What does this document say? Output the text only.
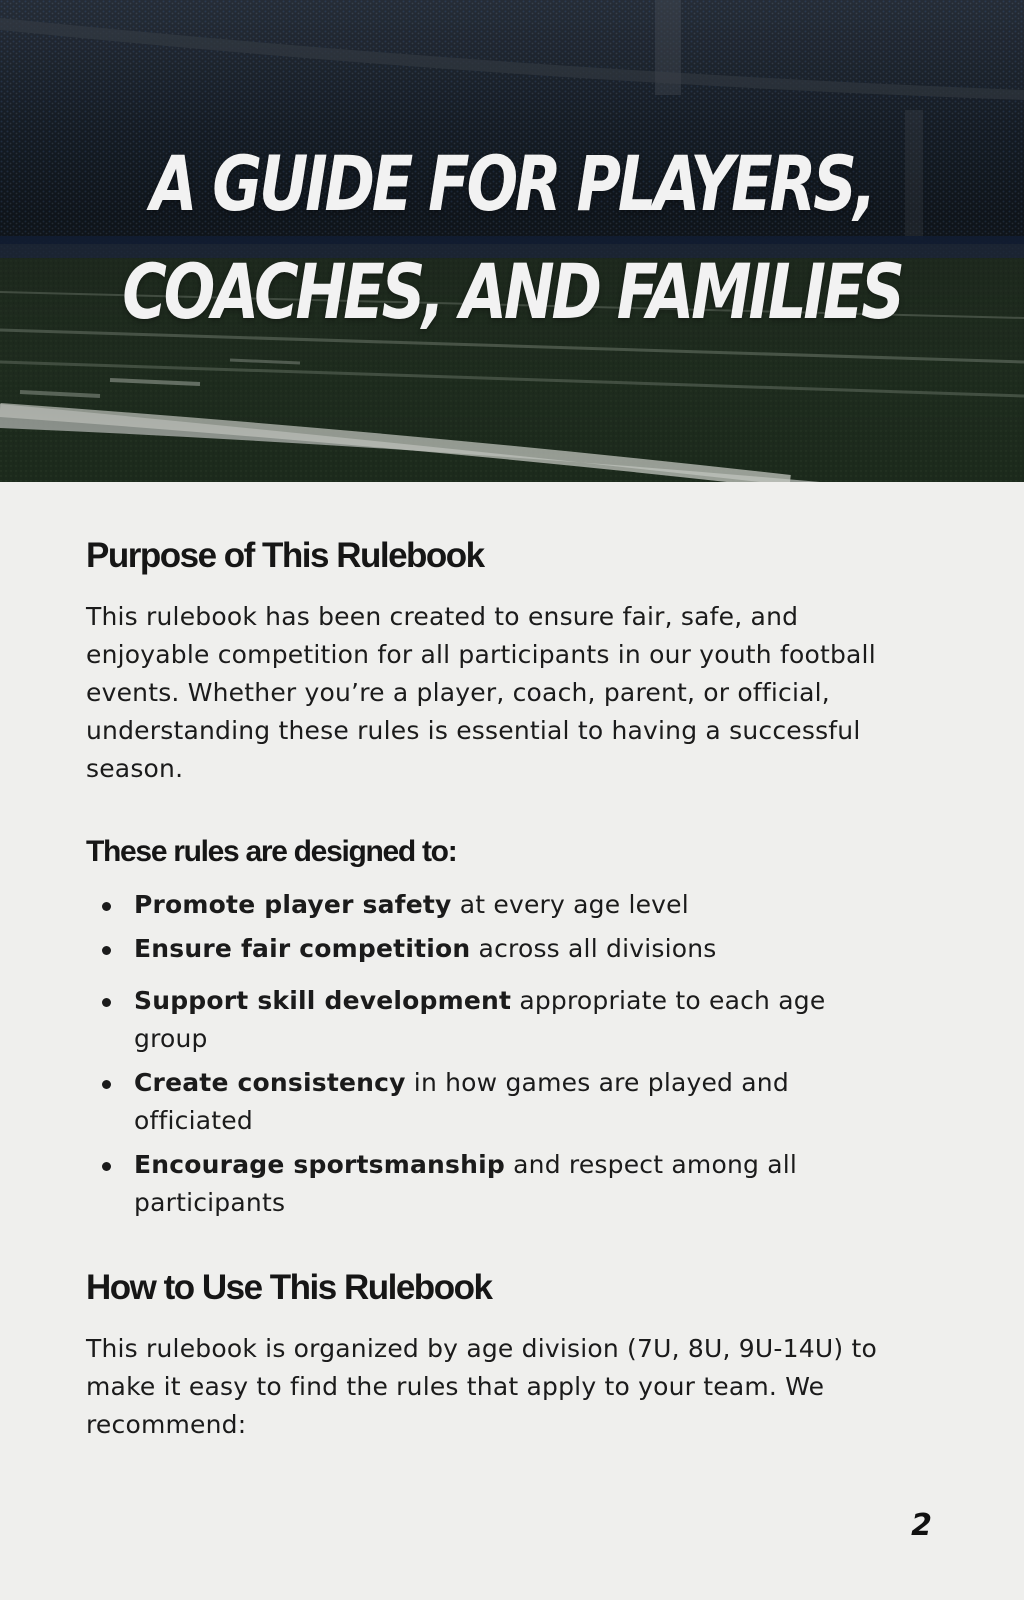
A GUIDE FOR PLAYERS,
COACHES, AND FAMILIES
Purpose of This Rulebook

This rulebook has been created to ensure fair, safe, and enjoyable competition for all participants in our youth football events. Whether you’re a player, coach, parent, or official, understanding these rules is essential to having a successful season.

These rules are designed to:
Promote player safety at every age level
Ensure fair competition across all divisions
Support skill development appropriate to each age group
Create consistency in how games are played and officiated
Encourage sportsmanship and respect among all participants
How to Use This Rulebook

This rulebook is organized by age division (7U, 8U, 9U-14U) to make it easy to find the rules that apply to your team. We recommend:

2
